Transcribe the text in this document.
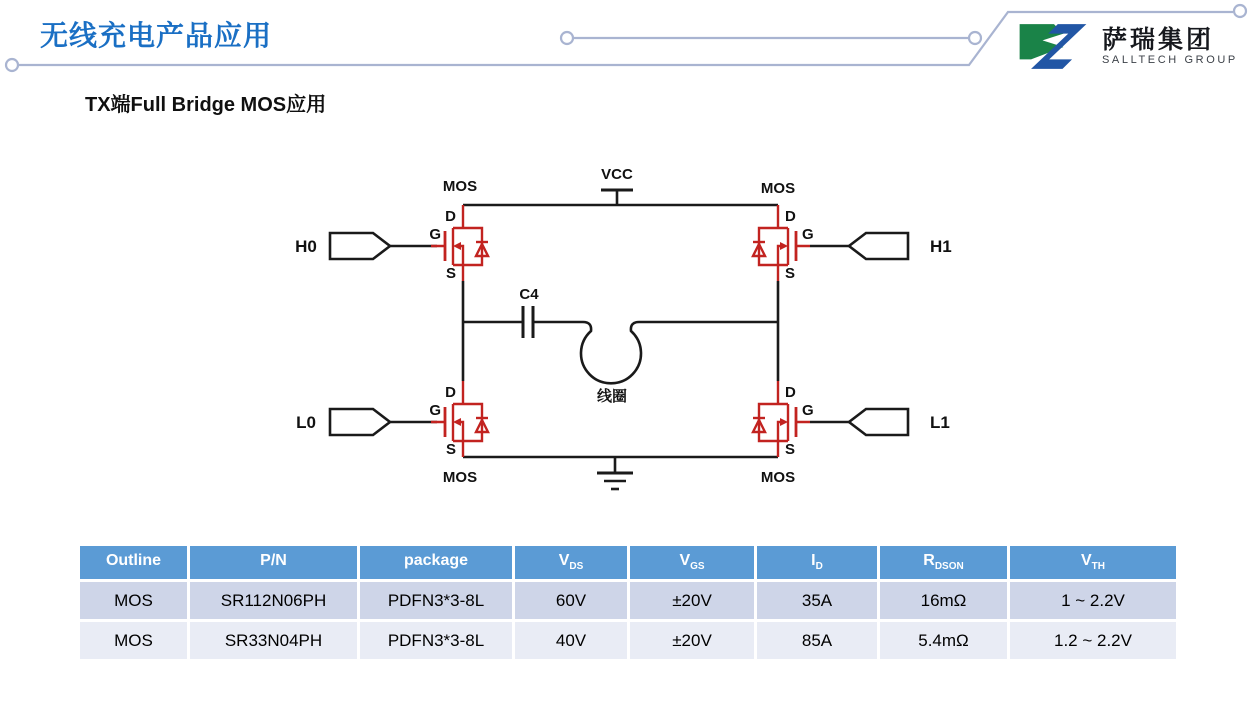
无线充电产品应用	萨瑞集团
SALLTECH GROUP
TX端Full Bridge MOS应用
VCC
C4
线圈
H0	H1
L0	L1
MOS	MOS
MOS	MOS
D
G
S
D
G
S
D
G
S
D
G
S
Outline	P/N	package	$V_{DS}$	$V_{GS}$	$I_D$	$R_{DSON}$	$V_{TH}$
MOS	SR112N06PH	PDFN3*3-8L	60V	±20V	35A	16mΩ	1 ~ 2.2V
MOS	SR33N04PH	PDFN3*3-8L	40V	±20V	85A	5.4mΩ	1.2 ~ 2.2V
